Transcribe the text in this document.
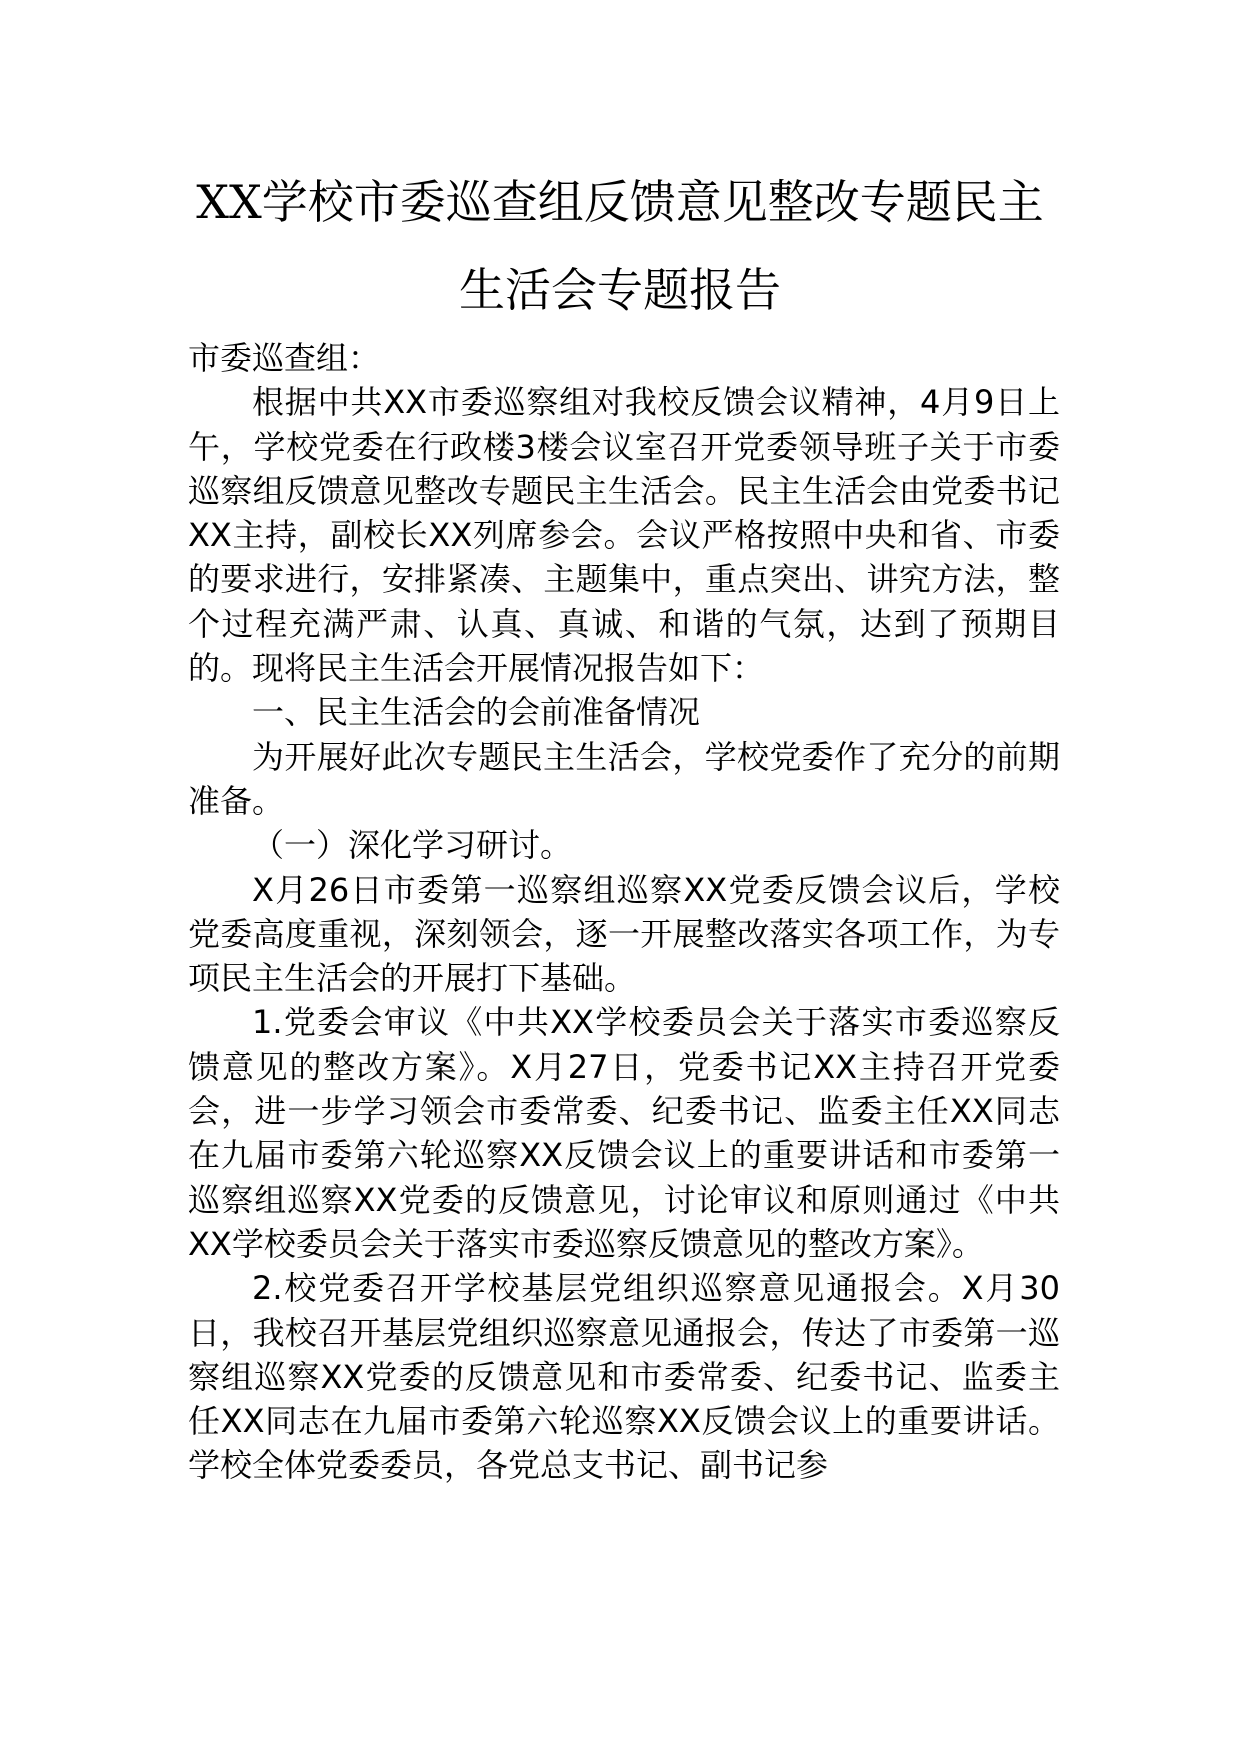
XX学校市委巡查组反馈意见整改专题民主
生活会专题报告

市委巡查组：

根据中共XX市委巡察组对我校反馈会议精神，4月9日上午，学校党委在行政楼3楼会议室召开党委领导班子关于市委巡察组反馈意见整改专题民主生活会。民主生活会由党委书记XX主持，副校长XX列席参会。会议严格按照中央和省、市委的要求进行，安排紧凑、主题集中，重点突出、讲究方法，整个过程充满严肃、认真、真诚、和谐的气氛，达到了预期目的。现将民主生活会开展情况报告如下：

一、民主生活会的会前准备情况

为开展好此次专题民主生活会，学校党委作了充分的前期准备。

（一）深化学习研讨。

X月26日市委第一巡察组巡察XX党委反馈会议后，学校党委高度重视，深刻领会，逐一开展整改落实各项工作，为专项民主生活会的开展打下基础。

1.党委会审议《中共XX学校委员会关于落实市委巡察反馈意见的整改方案》。X月27日，党委书记XX主持召开党委会，进一步学习领会市委常委、纪委书记、监委主任XX同志在九届市委第六轮巡察XX反馈会议上的重要讲话和市委第一巡察组巡察XX党委的反馈意见，讨论审议和原则通过《中共XX学校委员会关于落实市委巡察反馈意见的整改方案》。

2.校党委召开学校基层党组织巡察意见通报会。X月30日，我校召开基层党组织巡察意见通报会，传达了市委第一巡察组巡察XX党委的反馈意见和市委常委、纪委书记、监委主任XX同志在九届市委第六轮巡察XX反馈会议上的重要讲话。学校全体党委委员，各党总支书记、副书记参
